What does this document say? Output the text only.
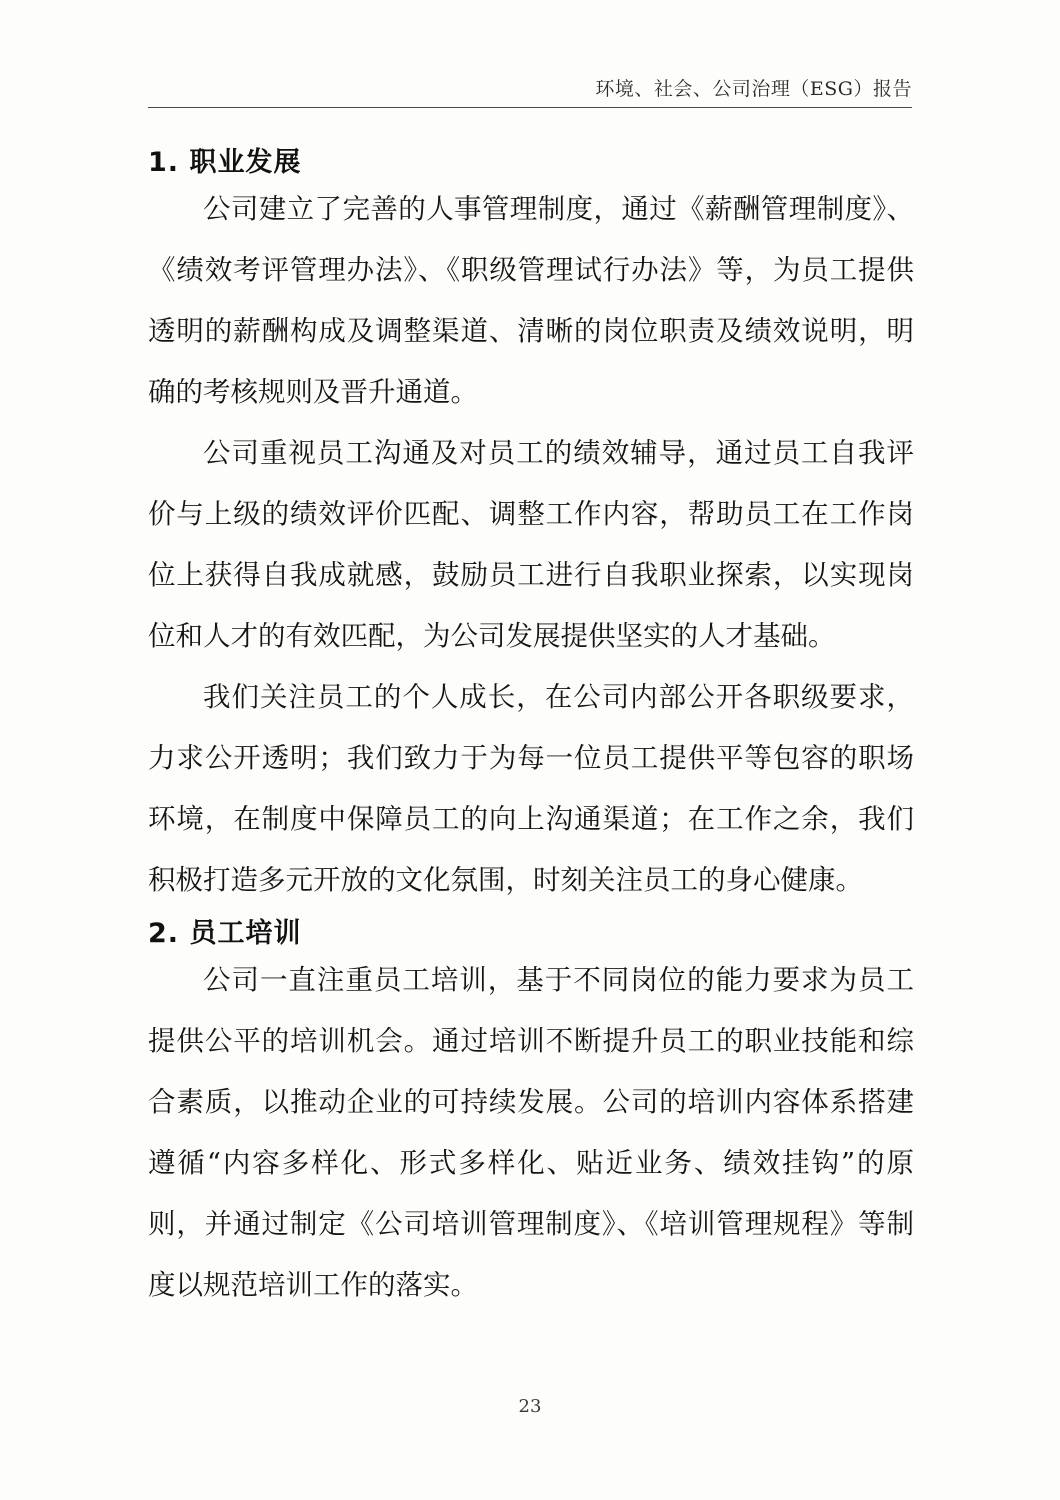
环境、社会、公司治理（ESG）报告
1. 职业发展

公司建立了完善的人事管理制度，通过《薪酬管理制度》、《绩效考评管理办法》、《职级管理试行办法》等，为员工提供透明的薪酬构成及调整渠道、清晰的岗位职责及绩效说明，明确的考核规则及晋升通道。

公司重视员工沟通及对员工的绩效辅导，通过员工自我评价与上级的绩效评价匹配、调整工作内容，帮助员工在工作岗位上获得自我成就感，鼓励员工进行自我职业探索，以实现岗位和人才的有效匹配，为公司发展提供坚实的人才基础。

我们关注员工的个人成长，在公司内部公开各职级要求，力求公开透明；我们致力于为每一位员工提供平等包容的职场环境，在制度中保障员工的向上沟通渠道；在工作之余，我们积极打造多元开放的文化氛围，时刻关注员工的身心健康。

2. 员工培训

公司一直注重员工培训，基于不同岗位的能力要求为员工提供公平的培训机会。通过培训不断提升员工的职业技能和综合素质，以推动企业的可持续发展。公司的培训内容体系搭建遵循“内容多样化、形式多样化、贴近业务、绩效挂钩”的原则，并通过制定《公司培训管理制度》、《培训管理规程》等制度以规范培训工作的落实。

23
